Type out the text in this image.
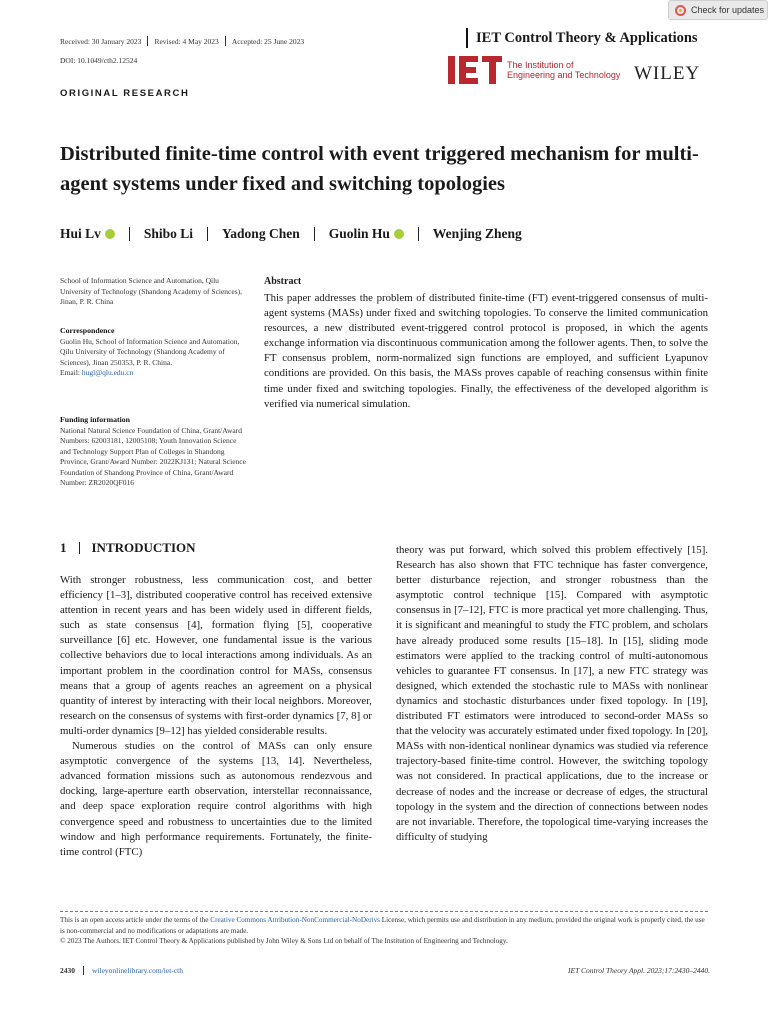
Check for updates
Received: 30 January 2023 Revised: 4 May 2023 Accepted: 25 June 2023
DOI: 10.1049/cth2.12524
IET Control Theory & Applications
The Institution of
Engineering and Technology WILEY
ORIGINAL RESEARCH
Distributed finite-time control with event triggered mechanism for multi-agent systems under fixed and switching topologies
Hui Lv	Shibo Li Yadong Chen Guolin Hu	Wenjing Zheng
School of Information Science and Automation, Qilu University of Technology (Shandong Academy of Sciences), Jinan, P. R. China
Correspondence
Guolin Hu, School of Information Science and Automation, Qilu University of Technology (Shandong Academy of Sciences), Jinan 250353, P. R. China.
Email: hugl@qlu.edu.cn
Funding information
National Natural Science Foundation of China, Grant/Award Numbers: 62003181, 12005108; Youth Innovation Science and Technology Support Plan of Colleges in Shandong Province, Grant/Award Number: 2022KJ131; Natural Science Foundation of Shandong Province of China, Grant/Award Number: ZR2020QF016
Abstract

This paper addresses the problem of distributed finite-time (FT) event-triggered consensus of multi-agent systems (MASs) under fixed and switching topologies. To conserve the limited communication resources, a new distributed event-triggered control protocol is proposed, in which the agents exchange information via discontinuous communication among the follower agents. Then, to solve the FT consensus problem, norm-normalized sign functions are employed, and sufficient Lyapunov conditions are provided. On this basis, the MASs proves capable of reaching consensus within finite time under fixed and switching topologies. Finally, the effectiveness of the developed algorithm is verified via numerical simulation.

1 INTRODUCTION

With stronger robustness, less communication cost, and better efficiency [1–3], distributed cooperative control has received extensive attention in recent years and has been widely used in different fields, such as state consensus [4], formation flying [5], cooperative surveillance [6] etc. However, one fundamental issue is the various collective behaviors due to local interactions among individuals. As an important problem in the coordination control for MASs, consensus means that a group of agents reaches an agreement on a physical quantity of interest by interacting with their local neighbors. Moreover, research on the consensus of systems with first-order dynamics [7, 8] or multi-order dynamics [9–12] has yielded considerable results.

Numerous studies on the control of MASs can only ensure asymptotic convergence of the systems [13, 14]. Nevertheless, advanced formation missions such as autonomous rendezvous and docking, large-aperture earth observation, interstellar reconnaissance, and deep space exploration require control algorithms with high convergence speed and robustness to uncertainties due to the limited window and high performance requirements. Fortunately, the finite-time control (FTC)

theory was put forward, which solved this problem effectively [15]. Research has also shown that FTC technique has faster convergence, better disturbance rejection, and stronger robustness than the asymptotic control technique [15]. Compared with asymptotic consensus in [7–12], FTC is more practical yet more challenging. Thus, it is significant and meaningful to study the FTC problem, and scholars have already produced some results [15–18]. In [15], sliding mode estimators were applied to the tracking control of multi-autonomous vehicles to guarantee FT consensus. In [17], a new FTC strategy was designed, which extended the stochastic rule to MASs with nonlinear dynamics and stochastic disturbances under fixed topology. In [19], distributed FT estimators were introduced to second-order MASs so that the velocity was accurately estimated under fixed topology. In [20], MASs with non-identical nonlinear dynamics was studied via reference trajectory-based finite-time control. However, the switching topology was not considered. In practical applications, due to the increase or decrease of nodes and the increase or decrease of edges, the structural topology in the system and the direction of connections between nodes are not invariable. Therefore, the topological time-varying increases the difficulty of studying

This is an open access article under the terms of the Creative Commons Attribution-NonCommercial-NoDerivs License, which permits use and distribution in any medium, provided the original work is properly cited, the use is non-commercial and no modifications or adaptations are made.
© 2023 The Authors. IET Control Theory & Applications published by John Wiley & Sons Ltd on behalf of The Institution of Engineering and Technology.
2430 wileyonlinelibrary.com/iet-cth	IET Control Theory Appl. 2023;17:2430–2440.
